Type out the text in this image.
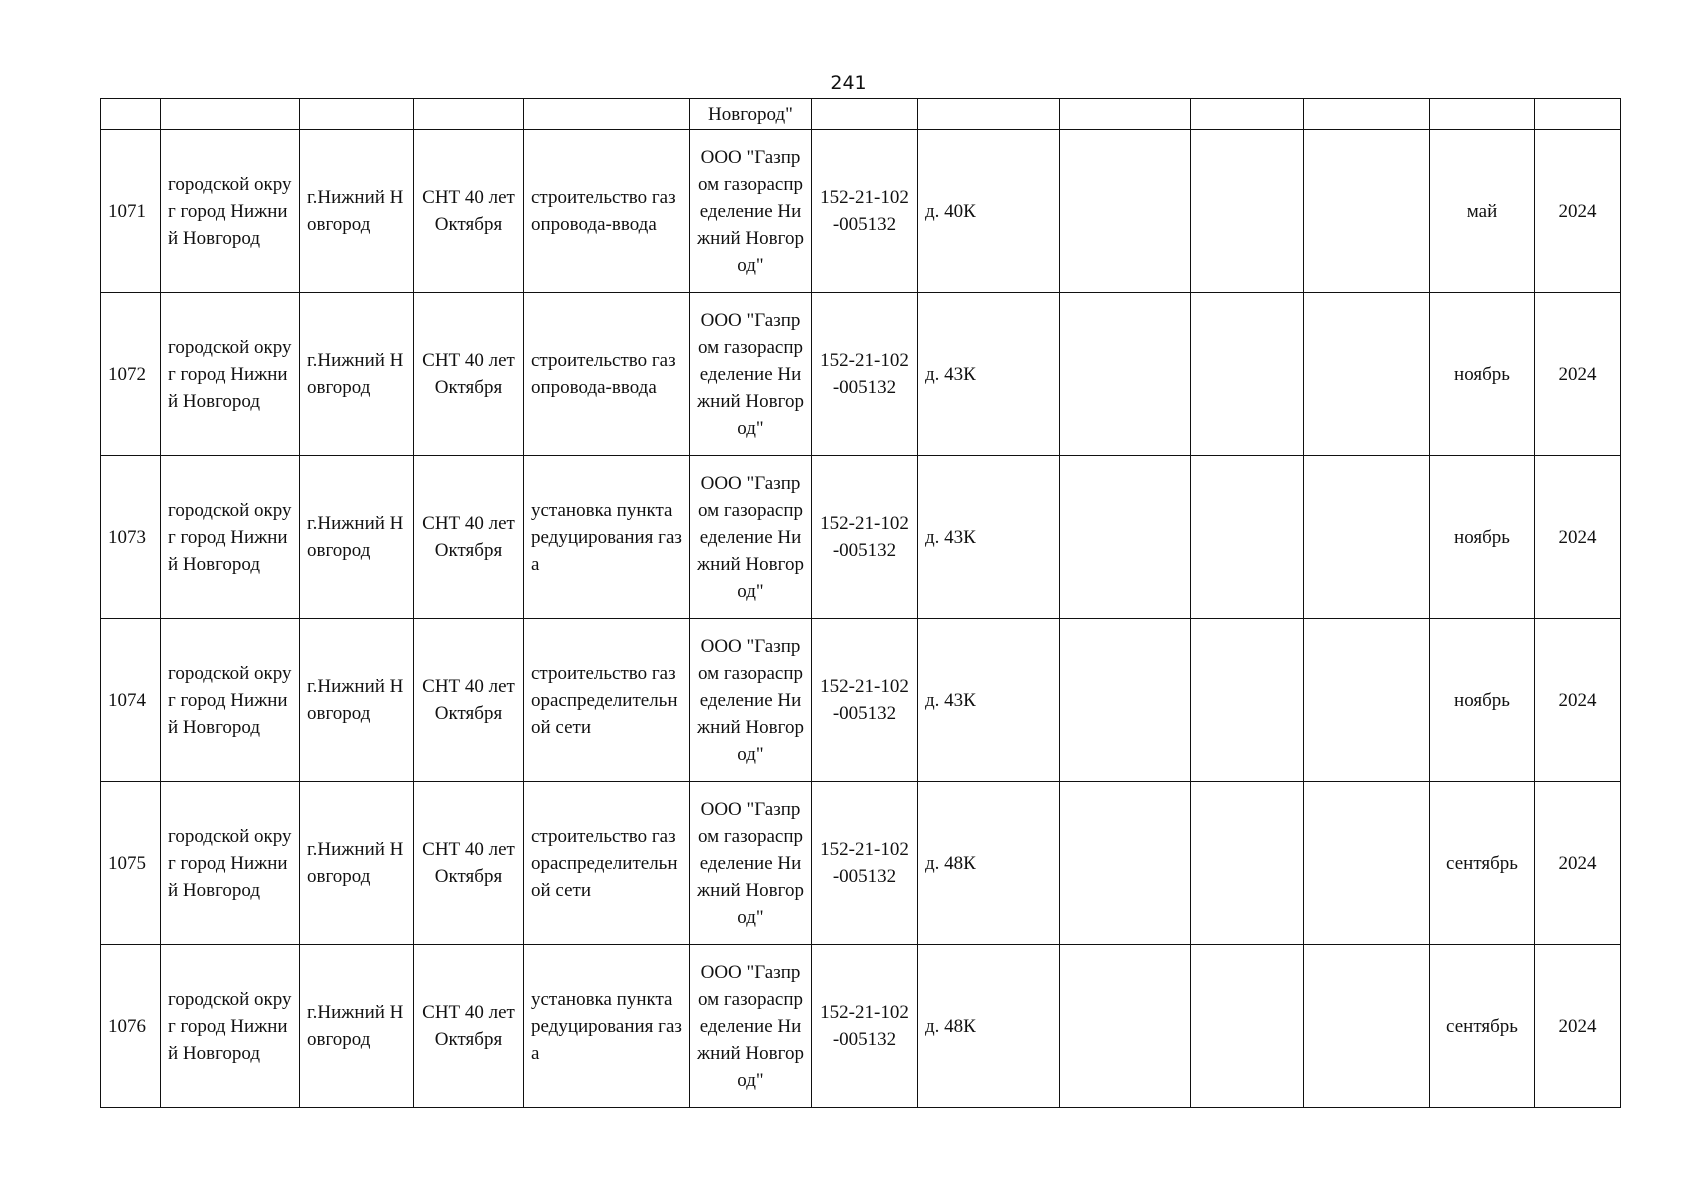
241
					Новгород"							
1071	городской округ город Нижний Новгород	г.Нижний Новгород	СНТ 40 лет Октября	строительство газопровода-ввода	ООО "Газпром газораспределение Нижний Новгород"	152-21-102-005132	д. 40К				май	2024
1072	городской округ город Нижний Новгород	г.Нижний Новгород	СНТ 40 лет Октября	строительство газопровода-ввода	ООО "Газпром газораспределение Нижний Новгород"	152-21-102-005132	д. 43К				ноябрь	2024
1073	городской округ город Нижний Новгород	г.Нижний Новгород	СНТ 40 лет Октября	установка пункта редуцирования газа	ООО "Газпром газораспределение Нижний Новгород"	152-21-102-005132	д. 43К				ноябрь	2024
1074	городской округ город Нижний Новгород	г.Нижний Новгород	СНТ 40 лет Октября	строительство газораспределительной сети	ООО "Газпром газораспределение Нижний Новгород"	152-21-102-005132	д. 43К				ноябрь	2024
1075	городской округ город Нижний Новгород	г.Нижний Новгород	СНТ 40 лет Октября	строительство газораспределительной сети	ООО "Газпром газораспределение Нижний Новгород"	152-21-102-005132	д. 48К				сентябрь	2024
1076	городской округ город Нижний Новгород	г.Нижний Новгород	СНТ 40 лет Октября	установка пункта редуцирования газа	ООО "Газпром газораспределение Нижний Новгород"	152-21-102-005132	д. 48К				сентябрь	2024
